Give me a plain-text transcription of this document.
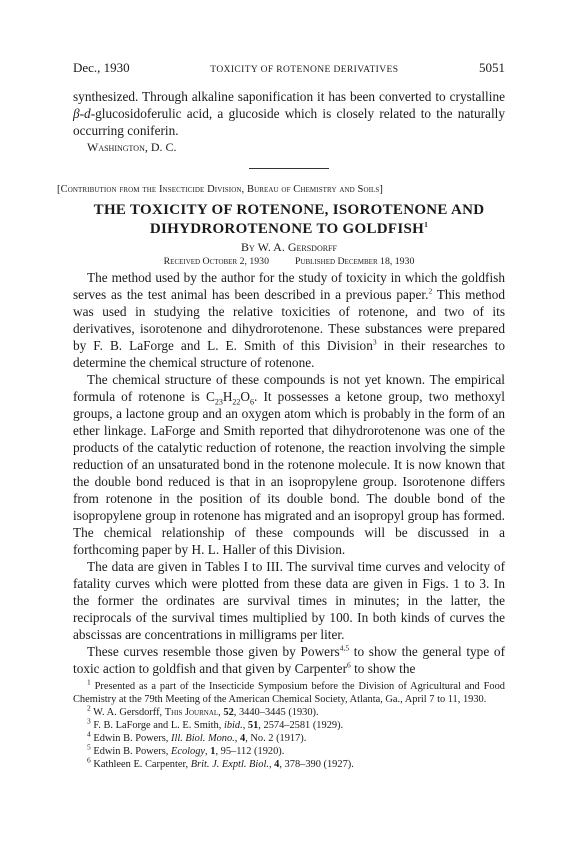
Dec., 1930	TOXICITY OF ROTENONE DERIVATIVES	5051

synthesized. Through alkaline saponification it has been converted to crystalline β-d-glucosidoferulic acid, a glucoside which is closely related to the naturally occurring coniferin.

Washington, D. C.

[Contribution from the Insecticide Division, Bureau of Chemistry and Soils]

THE TOXICITY OF ROTENONE, ISOROTENONE AND
DIHYDROROTENONE TO GOLDFISH$^1$
By W. A. Gersdorff
Received October 2, 1930	Published December 18, 1930

The method used by the author for the study of toxicity in which the goldfish serves as the test animal has been described in a previous paper.$^2$ This method was used in studying the relative toxicities of rotenone, and two of its derivatives, isorotenone and dihydrorotenone. These substances were prepared by F. B. LaForge and L. E. Smith of this Division$^3$ in their researches to determine the chemical structure of rotenone.

The chemical structure of these compounds is not yet known. The empirical formula of rotenone is $C_{23}H_{22}O_6$. It possesses a ketone group, two methoxyl groups, a lactone group and an oxygen atom which is probably in the form of an ether linkage. LaForge and Smith reported that dihydrorotenone was one of the products of the catalytic reduction of rotenone, the reaction involving the simple reduction of an unsaturated bond in the rotenone molecule. It is now known that the double bond reduced is that in an isopropylene group. Isorotenone differs from rotenone in the position of its double bond. The double bond of the isopropylene group in rotenone has migrated and an isopropyl group has formed. The chemical relationship of these compounds will be discussed in a forthcoming paper by H. L. Haller of this Division.

The data are given in Tables I to III. The survival time curves and velocity of fatality curves which were plotted from these data are given in Figs. 1 to 3. In the former the ordinates are survival times in minutes; in the latter, the reciprocals of the survival times multiplied by 100. In both kinds of curves the abscissas are concentrations in milligrams per liter.

These curves resemble those given by Powers$^{4,5}$ to show the general type of toxic action to goldfish and that given by Carpenter$^6$ to show the

$^1$ Presented as a part of the Insecticide Symposium before the Division of Agricultural and Food Chemistry at the 79th Meeting of the American Chemical Society, Atlanta, Ga., April 7 to 11, 1930.

$^2$ W. A. Gersdorff, This Journal, 52, 3440–3445 (1930).

$^3$ F. B. LaForge and L. E. Smith, ibid., 51, 2574–2581 (1929).

$^4$ Edwin B. Powers, Ill. Biol. Mono., 4, No. 2 (1917).

$^5$ Edwin B. Powers, Ecology, 1, 95–112 (1920).

$^6$ Kathleen E. Carpenter, Brit. J. Exptl. Biol., 4, 378–390 (1927).
